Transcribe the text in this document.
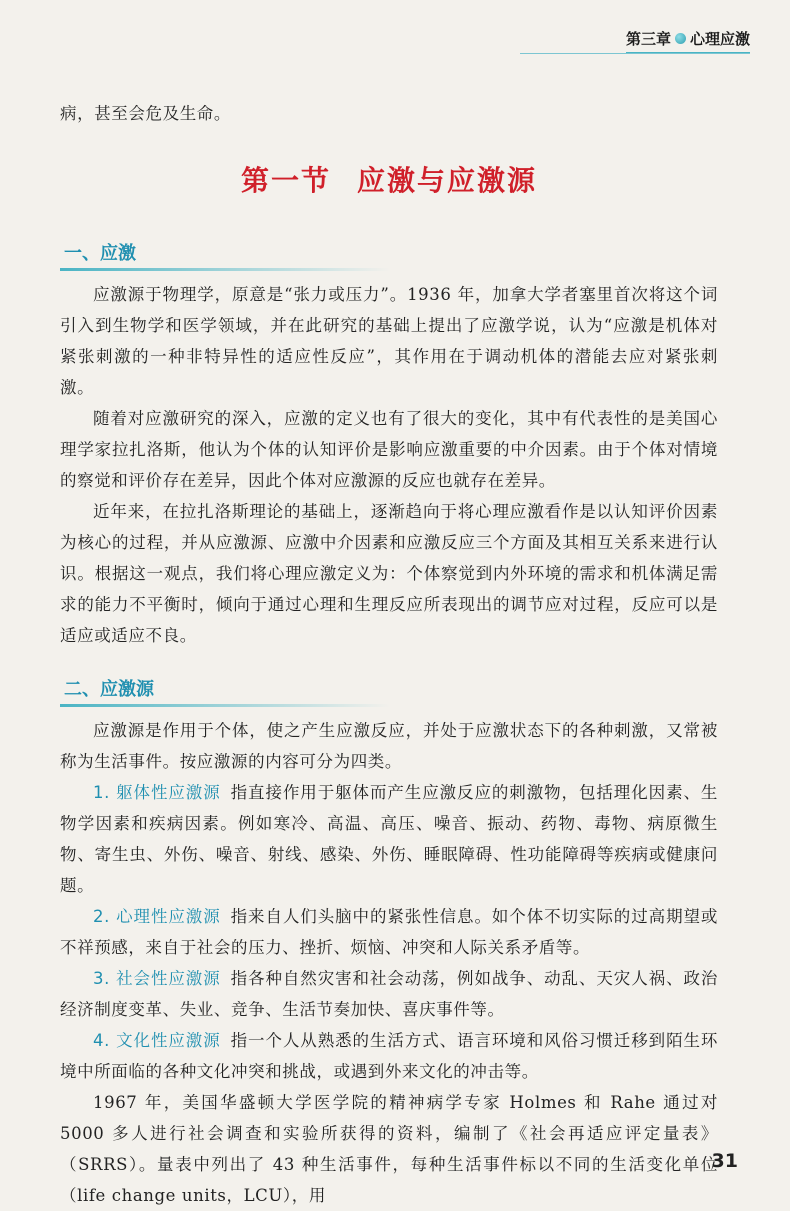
第三章 心理应激

病，甚至会危及生命。

第一节 应激与应激源
一、应激

应激源于物理学，原意是“张力或压力”。1936 年，加拿大学者塞里首次将这个词引入到生物学和医学领域，并在此研究的基础上提出了应激学说，认为“应激是机体对紧张刺激的一种非特异性的适应性反应”，其作用在于调动机体的潜能去应对紧张刺激。

随着对应激研究的深入，应激的定义也有了很大的变化，其中有代表性的是美国心理学家拉扎洛斯，他认为个体的认知评价是影响应激重要的中介因素。由于个体对情境的察觉和评价存在差异，因此个体对应激源的反应也就存在差异。

近年来，在拉扎洛斯理论的基础上，逐渐趋向于将心理应激看作是以认知评价因素为核心的过程，并从应激源、应激中介因素和应激反应三个方面及其相互关系来进行认识。根据这一观点，我们将心理应激定义为：个体察觉到内外环境的需求和机体满足需求的能力不平衡时，倾向于通过心理和生理反应所表现出的调节应对过程，反应可以是适应或适应不良。

二、应激源

应激源是作用于个体，使之产生应激反应，并处于应激状态下的各种刺激，又常被称为生活事件。按应激源的内容可分为四类。

1. 躯体性应激源 指直接作用于躯体而产生应激反应的刺激物，包括理化因素、生物学因素和疾病因素。例如寒冷、高温、高压、噪音、振动、药物、毒物、病原微生物、寄生虫、外伤、噪音、射线、感染、外伤、睡眠障碍、性功能障碍等疾病或健康问题。

2. 心理性应激源 指来自人们头脑中的紧张性信息。如个体不切实际的过高期望或不祥预感，来自于社会的压力、挫折、烦恼、冲突和人际关系矛盾等。

3. 社会性应激源 指各种自然灾害和社会动荡，例如战争、动乱、天灾人祸、政治经济制度变革、失业、竞争、生活节奏加快、喜庆事件等。

4. 文化性应激源 指一个人从熟悉的生活方式、语言环境和风俗习惯迁移到陌生环境中所面临的各种文化冲突和挑战，或遇到外来文化的冲击等。

1967 年，美国华盛顿大学医学院的精神病学专家 Holmes 和 Rahe 通过对 5000 多人进行社会调查和实验所获得的资料，编制了《社会再适应评定量表》（SRRS）。量表中列出了 43 种生活事件，每种生活事件标以不同的生活变化单位（life change units，LCU），用

31
